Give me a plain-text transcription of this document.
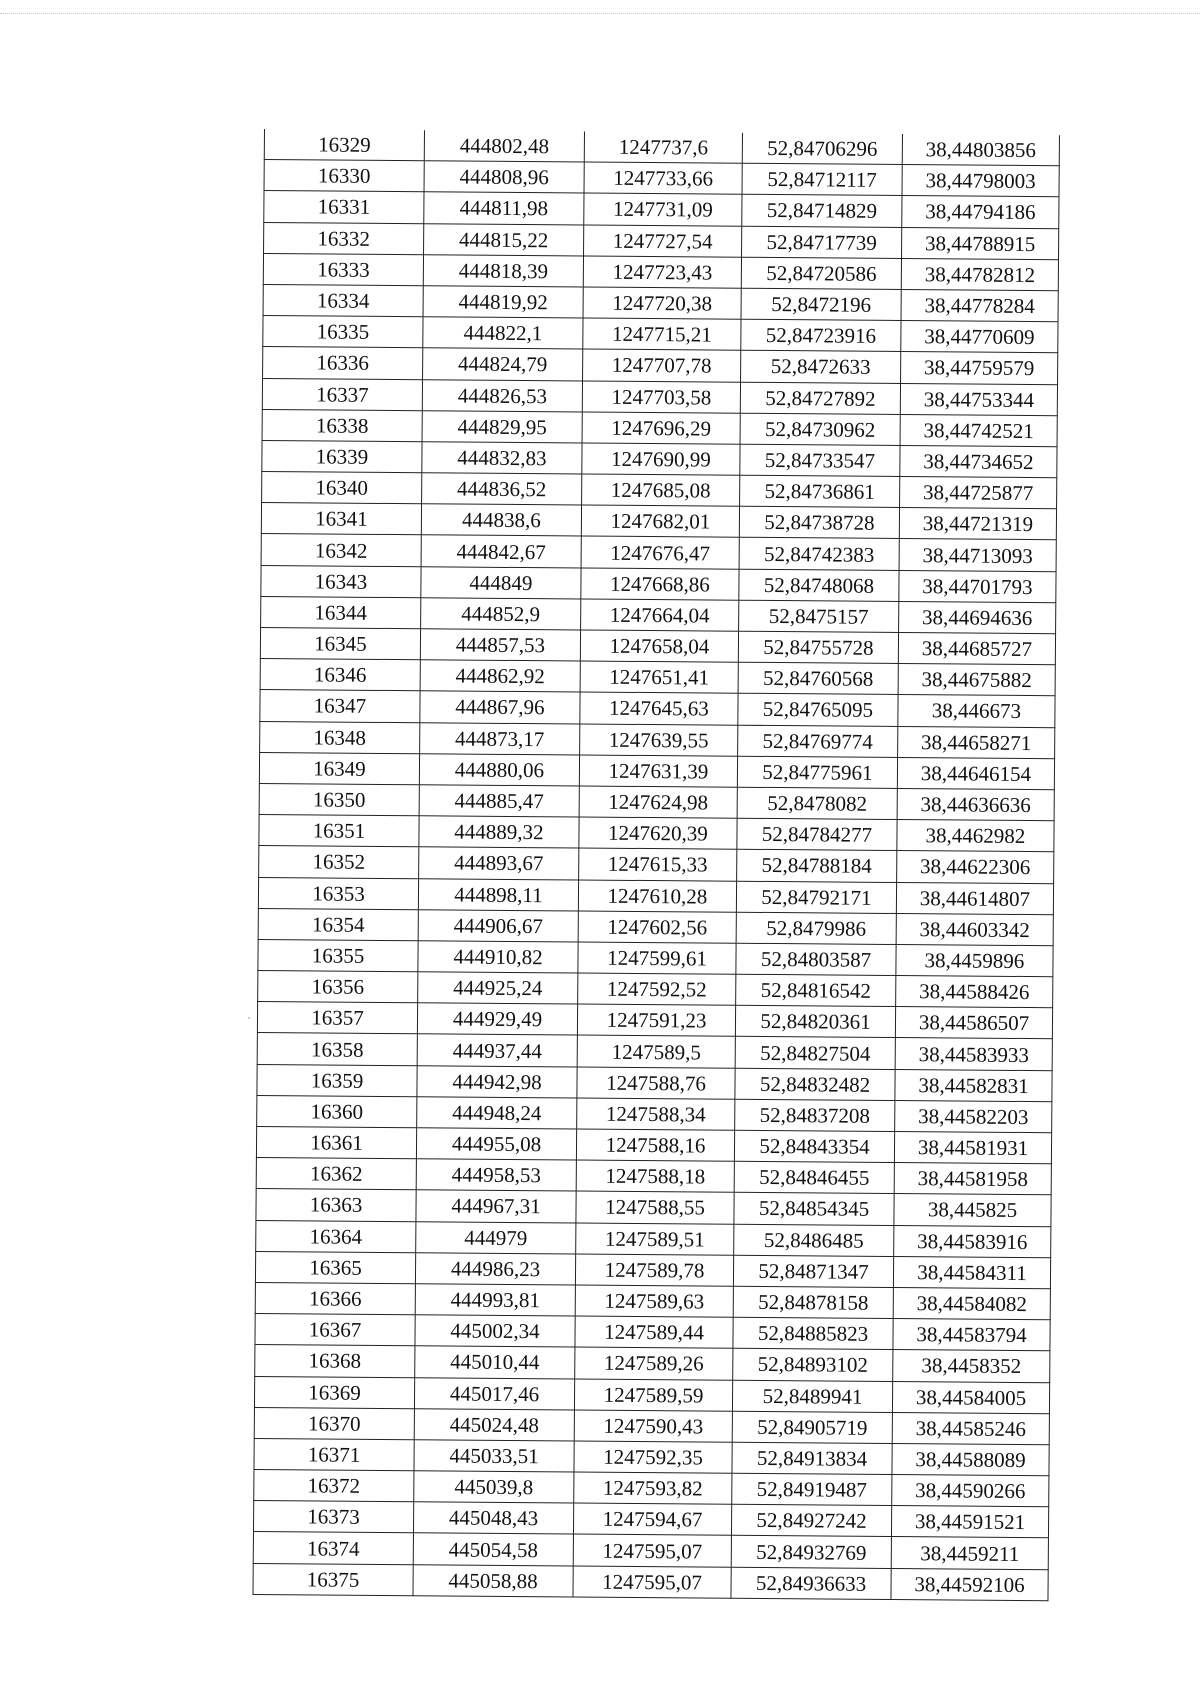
16329	444802,48	1247737,6	52,84706296	38,44803856
16330	444808,96	1247733,66	52,84712117	38,44798003
16331	444811,98	1247731,09	52,84714829	38,44794186
16332	444815,22	1247727,54	52,84717739	38,44788915
16333	444818,39	1247723,43	52,84720586	38,44782812
16334	444819,92	1247720,38	52,8472196	38,44778284
16335	444822,1	1247715,21	52,84723916	38,44770609
16336	444824,79	1247707,78	52,8472633	38,44759579
16337	444826,53	1247703,58	52,84727892	38,44753344
16338	444829,95	1247696,29	52,84730962	38,44742521
16339	444832,83	1247690,99	52,84733547	38,44734652
16340	444836,52	1247685,08	52,84736861	38,44725877
16341	444838,6	1247682,01	52,84738728	38,44721319
16342	444842,67	1247676,47	52,84742383	38,44713093
16343	444849	1247668,86	52,84748068	38,44701793
16344	444852,9	1247664,04	52,8475157	38,44694636
16345	444857,53	1247658,04	52,84755728	38,44685727
16346	444862,92	1247651,41	52,84760568	38,44675882
16347	444867,96	1247645,63	52,84765095	38,446673
16348	444873,17	1247639,55	52,84769774	38,44658271
16349	444880,06	1247631,39	52,84775961	38,44646154
16350	444885,47	1247624,98	52,8478082	38,44636636
16351	444889,32	1247620,39	52,84784277	38,4462982
16352	444893,67	1247615,33	52,84788184	38,44622306
16353	444898,11	1247610,28	52,84792171	38,44614807
16354	444906,67	1247602,56	52,8479986	38,44603342
16355	444910,82	1247599,61	52,84803587	38,4459896
16356	444925,24	1247592,52	52,84816542	38,44588426
16357	444929,49	1247591,23	52,84820361	38,44586507
16358	444937,44	1247589,5	52,84827504	38,44583933
16359	444942,98	1247588,76	52,84832482	38,44582831
16360	444948,24	1247588,34	52,84837208	38,44582203
16361	444955,08	1247588,16	52,84843354	38,44581931
16362	444958,53	1247588,18	52,84846455	38,44581958
16363	444967,31	1247588,55	52,84854345	38,445825
16364	444979	1247589,51	52,8486485	38,44583916
16365	444986,23	1247589,78	52,84871347	38,44584311
16366	444993,81	1247589,63	52,84878158	38,44584082
16367	445002,34	1247589,44	52,84885823	38,44583794
16368	445010,44	1247589,26	52,84893102	38,4458352
16369	445017,46	1247589,59	52,8489941	38,44584005
16370	445024,48	1247590,43	52,84905719	38,44585246
16371	445033,51	1247592,35	52,84913834	38,44588089
16372	445039,8	1247593,82	52,84919487	38,44590266
16373	445048,43	1247594,67	52,84927242	38,44591521
16374	445054,58	1247595,07	52,84932769	38,4459211
16375	445058,88	1247595,07	52,84936633	38,44592106
